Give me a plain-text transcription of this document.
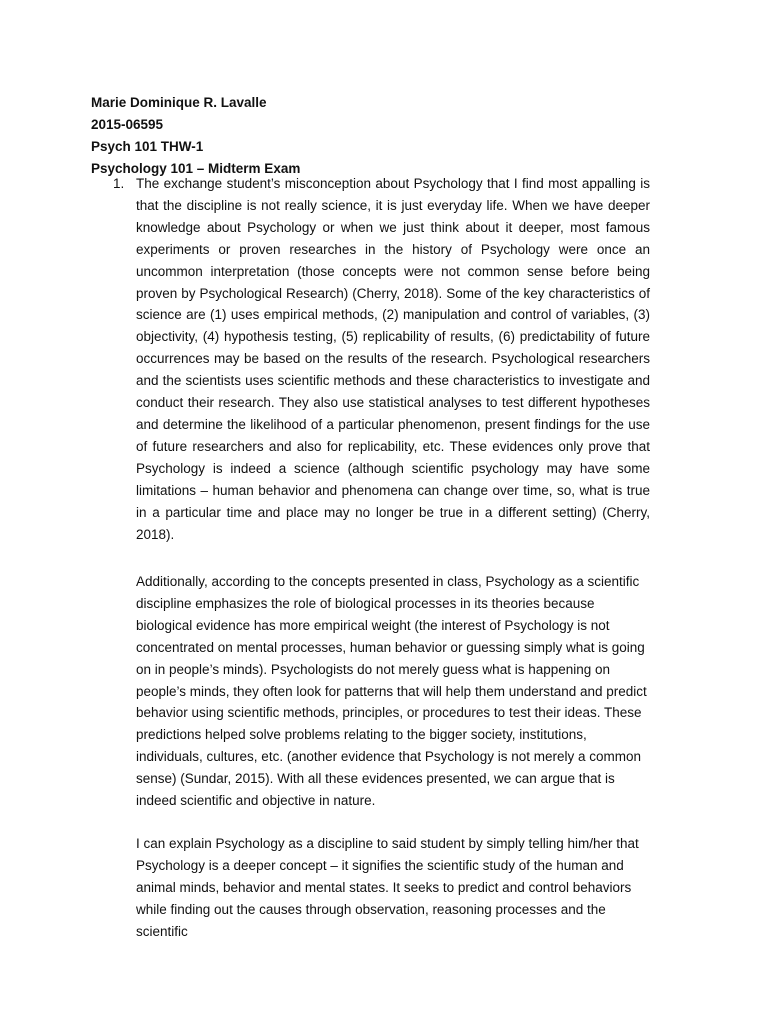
Marie Dominique R. Lavalle
2015-06595
Psych 101 THW-1
Psychology 101 – Midterm Exam
1. The exchange student’s misconception about Psychology that I find most appalling is that the discipline is not really science, it is just everyday life. When we have deeper knowledge about Psychology or when we just think about it deeper, most famous experiments or proven researches in the history of Psychology were once an uncommon interpretation (those concepts were not common sense before being proven by Psychological Research) (Cherry, 2018). Some of the key characteristics of science are (1) uses empirical methods, (2) manipulation and control of variables, (3) objectivity, (4) hypothesis testing, (5) replicability of results, (6) predictability of future occurrences may be based on the results of the research. Psychological researchers and the scientists uses scientific methods and these characteristics to investigate and conduct their research. They also use statistical analyses to test different hypotheses and determine the likelihood of a particular phenomenon, present findings for the use of future researchers and also for replicability, etc. These evidences only prove that Psychology is indeed a science (although scientific psychology may have some limitations – human behavior and phenomena can change over time, so, what is true in a particular time and place may no longer be true in a different setting) (Cherry, 2018).
Additionally, according to the concepts presented in class, Psychology as a scientific discipline emphasizes the role of biological processes in its theories because biological evidence has more empirical weight (the interest of Psychology is not concentrated on mental processes, human behavior or guessing simply what is going on in people’s minds). Psychologists do not merely guess what is happening on people’s minds, they often look for patterns that will help them understand and predict behavior using scientific methods, principles, or procedures to test their ideas. These predictions helped solve problems relating to the bigger society, institutions, individuals, cultures, etc. (another evidence that Psychology is not merely a common sense) (Sundar, 2015). With all these evidences presented, we can argue that is indeed scientific and objective in nature.
I can explain Psychology as a discipline to said student by simply telling him/her that Psychology is a deeper concept – it signifies the scientific study of the human and animal minds, behavior and mental states. It seeks to predict and control behaviors while finding out the causes through observation, reasoning processes and the scientific
